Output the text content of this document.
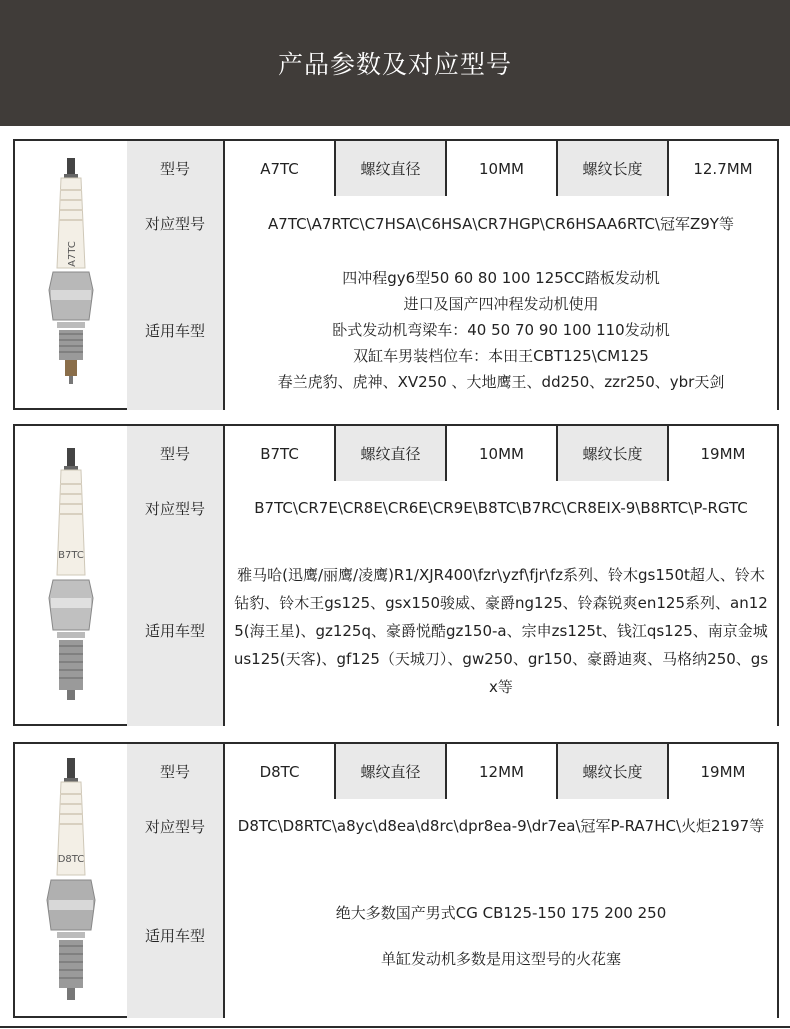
产品参数及对应型号
A7TC
型号	A7TC	螺纹直径	10MM	螺纹长度	12.7MM
对应型号	A7TC\A7RTC\C7HSA\C6HSA\CR7HGP\CR6HSAA6RTC\冠军Z9Y等
适用车型
四冲程gy6型50 60 80 100 125CC踏板发动机
进口及国产四冲程发动机使用
卧式发动机弯梁车：40 50 70 90 100 110发动机
双缸车男装档位车：本田王CBT125\CM125
春兰虎豹、虎神、XV250 、大地鹰王、dd250、zzr250、ybr天剑
B7TC
型号	B7TC	螺纹直径	10MM	螺纹长度	19MM
对应型号	B7TC\CR7E\CR8E\CR6E\CR9E\B8TC\B7RC\CR8EIX-9\B8RTC\P-RGTC
适用车型
雅马哈(迅鹰/丽鹰/凌鹰)R1/XJR400\fzr\yzf\fjr\fz系列、铃木gs150t超人、铃木钻豹、铃木王gs125、gsx150骏威、豪爵ng125、铃森锐爽en125系列、an125(海王星)、gz125q、豪爵悦酷gz150-a、宗申zs125t、钱江qs125、南京金城us125(天客)、gf125（天城刀）、gw250、gr150、豪爵迪爽、马格纳250、gsx等
D8TC
型号	D8TC	螺纹直径	12MM	螺纹长度	19MM
对应型号	D8TC\D8RTC\a8yc\d8ea\d8rc\dpr8ea-9\dr7ea\冠军P-RA7HC\火炬2197等
适用车型
绝大多数国产男式CG CB125-150 175 200 250
单缸发动机多数是用这型号的火花塞
